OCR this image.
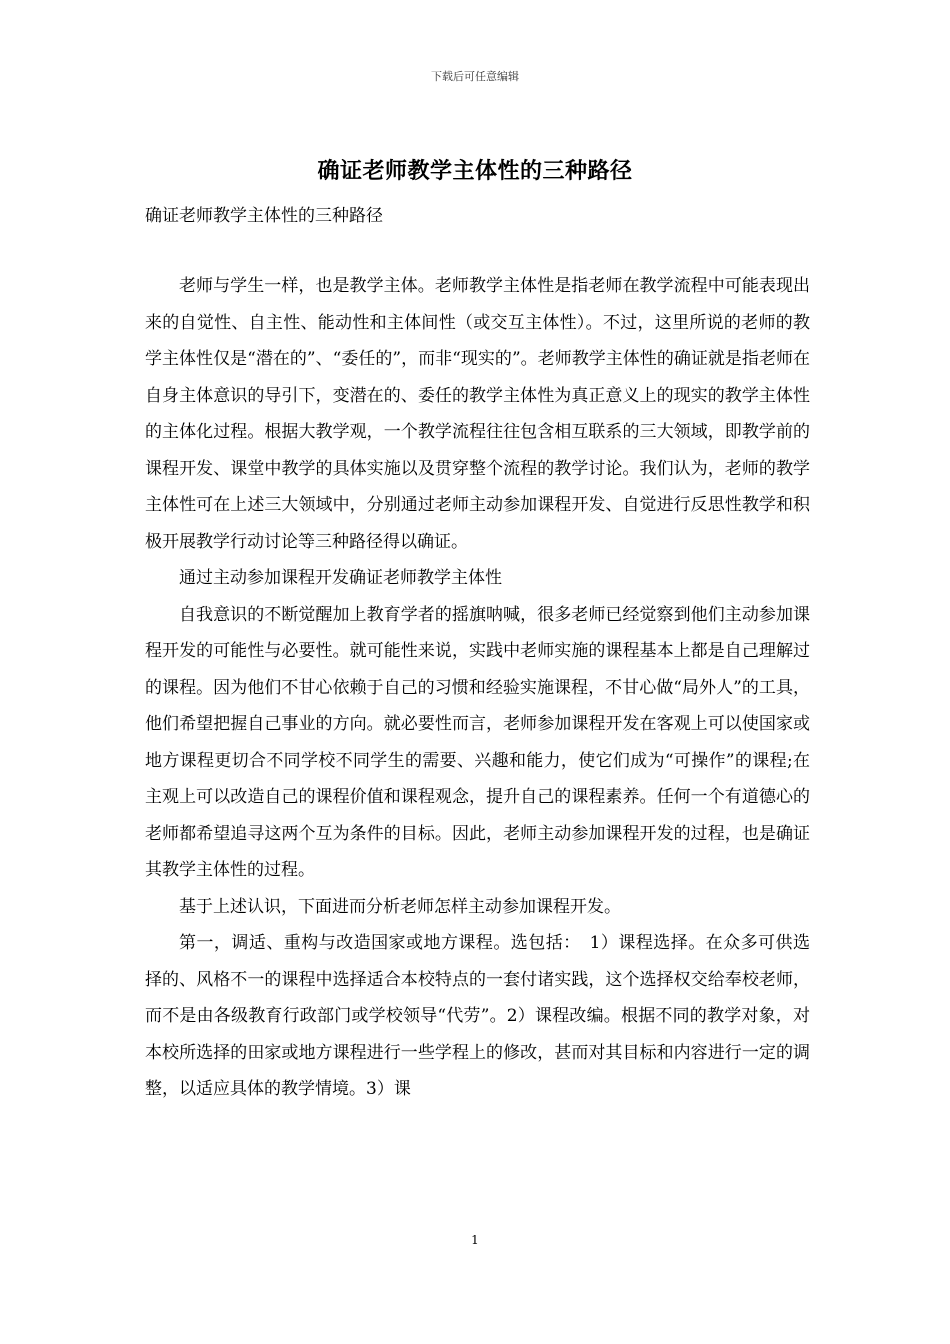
下载后可任意编辑
确证老师教学主体性的三种路径
确证老师教学主体性的三种路径

老师与学生一样，也是教学主体。老师教学主体性是指老师在教学流程中可能表现出来的自觉性、自主性、能动性和主体间性（或交互主体性）。不过，这里所说的老师的教学主体性仅是“潜在的”、“委任的”，而非“现实的”。老师教学主体性的确证就是指老师在自身主体意识的导引下，变潜在的、委任的教学主体性为真正意义上的现实的教学主体性的主体化过程。根据大教学观，一个教学流程往往包含相互联系的三大领域，即教学前的课程开发、课堂中教学的具体实施以及贯穿整个流程的教学讨论。我们认为，老师的教学主体性可在上述三大领域中，分别通过老师主动参加课程开发、自觉进行反思性教学和积极开展教学行动讨论等三种路径得以确证。

通过主动参加课程开发确证老师教学主体性

自我意识的不断觉醒加上教育学者的摇旗呐喊，很多老师已经觉察到他们主动参加课程开发的可能性与必要性。就可能性来说，实践中老师实施的课程基本上都是自己理解过的课程。因为他们不甘心依赖于自己的习惯和经验实施课程，不甘心做“局外人”的工具，他们希望把握自己事业的方向。就必要性而言，老师参加课程开发在客观上可以使国家或地方课程更切合不同学校不同学生的需要、兴趣和能力，使它们成为“可操作”的课程;在主观上可以改造自己的课程价值和课程观念，提升自己的课程素养。任何一个有道德心的老师都希望追寻这两个互为条件的目标。因此，老师主动参加课程开发的过程，也是确证其教学主体性的过程。

基于上述认识，下面进而分析老师怎样主动参加课程开发。

第一，调适、重构与改造国家或地方课程。选包括：　1）课程选择。在众多可供选择的、风格不一的课程中选择适合本校特点的一套付诸实践，这个选择权交给奉校老师，而不是由各级教育行政部门或学校领导“代劳”。2）课程改编。根据不同的教学对象，对本校所选择的田家或地方课程进行一些学程上的修改，甚而对其目标和内容进行一定的调整，以适应具体的教学情境。3）课

1
